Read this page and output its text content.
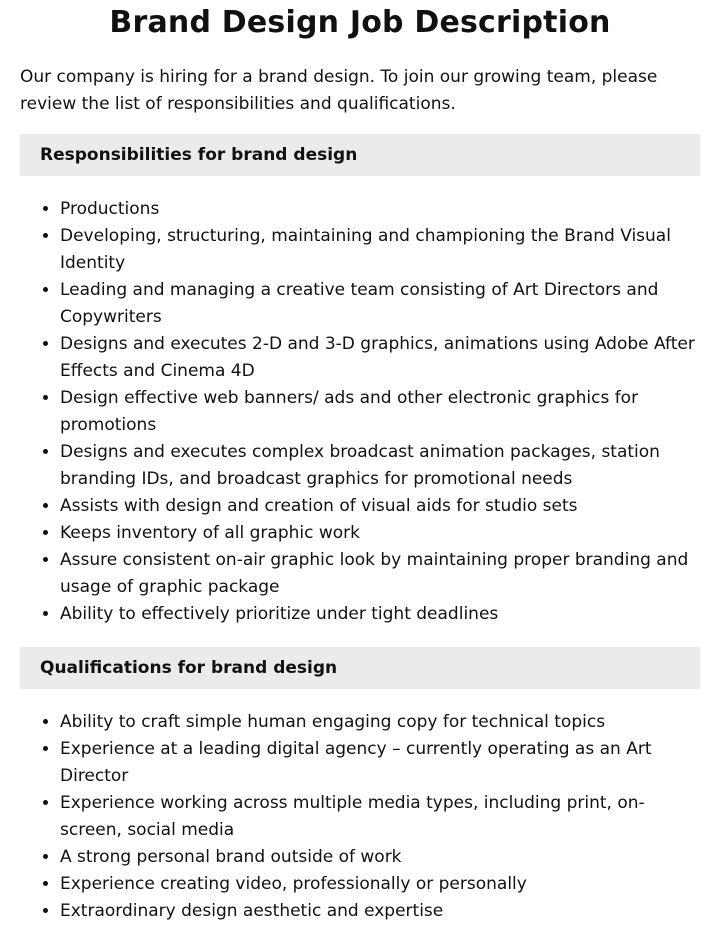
Brand Design Job Description

Our company is hiring for a brand design. To join our growing team, please review the list of responsibilities and qualifications.

Responsibilities for brand design
• Productions
• Developing, structuring, maintaining and championing the Brand Visual Identity
• Leading and managing a creative team consisting of Art Directors and Copywriters
• Designs and executes 2-D and 3-D graphics, animations using Adobe After Effects and Cinema 4D
• Design effective web banners/ ads and other electronic graphics for promotions
• Designs and executes complex broadcast animation packages, station branding IDs, and broadcast graphics for promotional needs
• Assists with design and creation of visual aids for studio sets
• Keeps inventory of all graphic work
• Assure consistent on-air graphic look by maintaining proper branding and usage of graphic package
• Ability to effectively prioritize under tight deadlines
Qualifications for brand design
• Ability to craft simple human engaging copy for technical topics
• Experience at a leading digital agency – currently operating as an Art Director
• Experience working across multiple media types, including print, on-screen, social media
• A strong personal brand outside of work
• Experience creating video, professionally or personally
• Extraordinary design aesthetic and expertise
